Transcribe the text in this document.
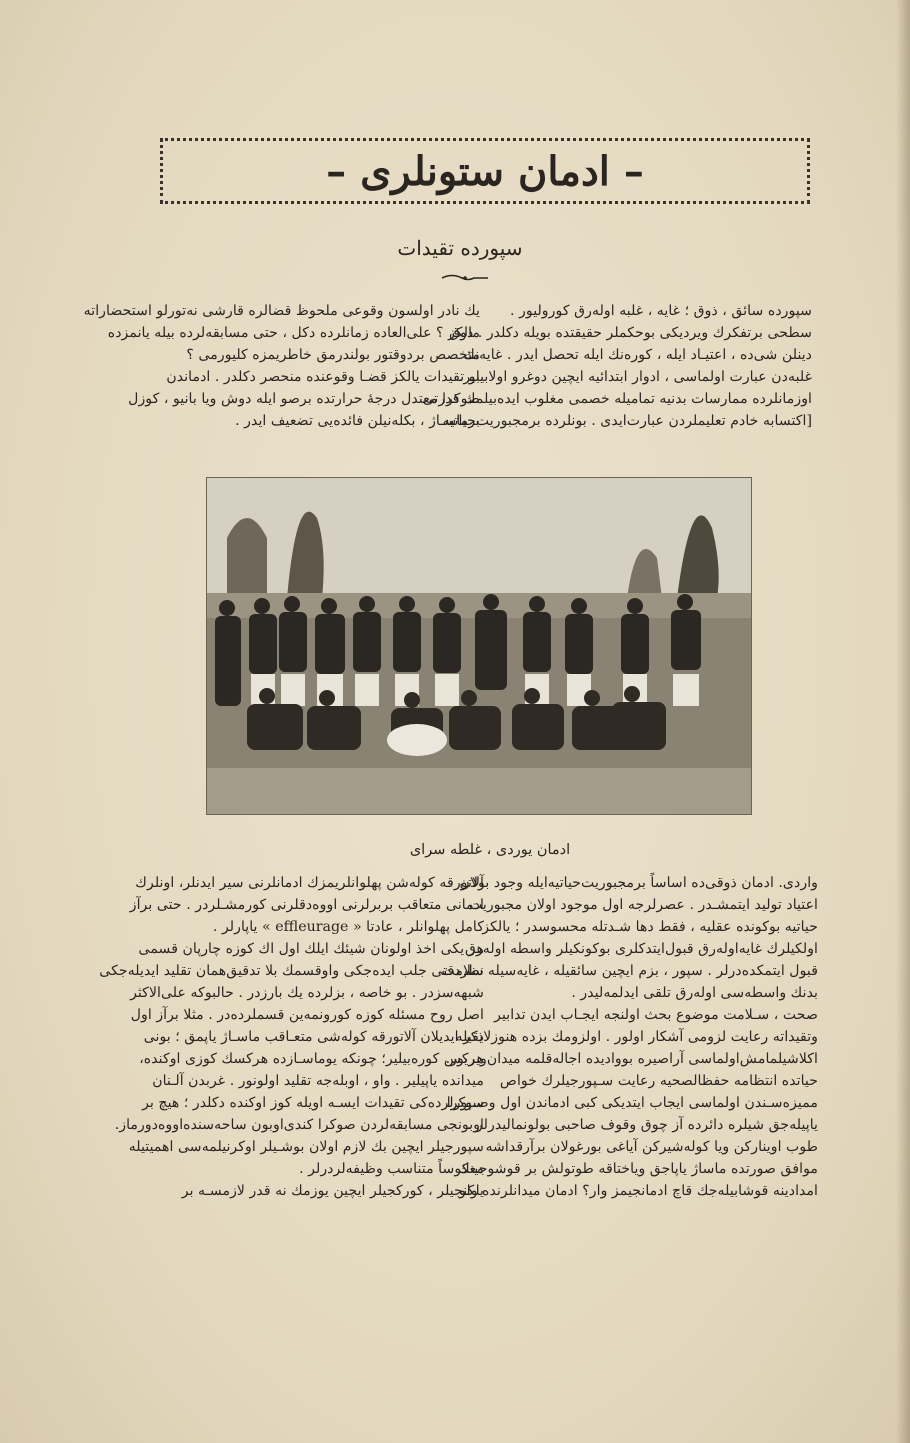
– ادمان ستونلری –
سپورده تقیدات
سپورده سائق ، ذوق ؛ غایه ، غلبه اوله‌رق کورولیور .
سطحی برتفکرك ویردیکی بوحکملر حقیقتده بویله دکلدر . ذوق
دینلن شی‌ده ، اعتیـاد ایله ، کوره‌نك ایله تحصل ایدر . غایه‌نك
غلبه‌دن عبارت اولماسی ، ادوار ابتدائیه ایچین دوغرو اولابیلیر.
اوزمانلرده ممارسات بدنیه تمامیله خصمی مغلوب ایده‌بیلمك قدرتی
[اکتسابه خادم تعلیملردن عبارت‌ایدی . بونلرده برمجبوریت‌حیاتیه
یك نادر اولسون وقوعی ملحوظ قضالره قارشی نه‌تورلو استحضاراته
مالکز ؟ علی‌العاده زمانلرده دکل ، حتی مسابقه‌لرده بیله یانمزده
متخصص بردوقتور بولندرمق خاطریمزه کلیورمی ؟
بو تقیدات یالکز قضـا وقوعنده منحصر دکلدر . ادماندن
صوکرا معتدل درجهٔ حرارتده برصو ایله دوش ویا بانیو ، کوزل
برماسـاژ ، بکله‌نیلن فائده‌یی تضعیف ایدر .
ادمان یوردی ، غلطه سرای
واردی. ادمان ذوقی‌ده اساساً برمجبوریت‌حیاتیه‌ایله وجود بولان
اعتیاد تولید ایتمشـدر . عصرلرجه اول موجود اولان مجبوریت
حیاتیه بوکونده عقلیه ، فقط دها شـدتله محسوسدر ؛ یالکز
اولکیلرك غایه‌اوله‌رق قبول‌ایتدکلری بوکونکیلر واسطه اوله‌رق
قبول ایتمکده‌درلر . سپور ، بزم ایچین سائقیله ، غایه‌سیله سلامت
بدنك واسطه‌سی اوله‌رق تلقی ایدلمه‌لیدر .
صحت ، سـلامت موضوع بحث اولنجه ایجـاب ایدن تدابیر
وتقیداته رعایت لزومی آشکار اولور . اولزومك بزده هنوزلایقیله
اکلاشیلمامش‌اولماسی آراصیره بووادیده اجاله‌قلمه میدان‌ویریور.
حیاتده انتظامه حفظالصحیه رعایت سـپورجیلرك خواص
ممیزه‌سـندن اولماسی ایجاب ایتدیکی کبی ادماندن اول وصـوکرا
یاپیله‌جق شیلره دائرده آز چوق وقوف صاحبی بولونمالیدرلر .
طوب اوینارکن ویا کوله‌شیرکن آیاغی بورغولان برآرقداشه
موافق صورتده ماساژ یاپاجق ویاختاقه طوتولش بر قوشوجینك
امدادینه قوشابیله‌جك قاچ ادمانجیمز وار؟ ادمان میدانلرنده ولو
آلاتورقه کوله‌شن پهلوانلریمزك ادمانلرنی سیر ایدنلر، اونلرك
ادمانی متعاقب بربرلرنی اووه‌دقلرنی کورمشـلردر . حتی برآز
کامل پهلوانلر ، عادتا « effleurage » یاپارلر .
هر یکی اخذ اولونان شیئك ایلك اول اك کوزه چارپان قسمی
نظردقتی جلب ایده‌جکی واوقسمك بلا تدقیق‌همان تقلید ایدیله‌جکی
شبهه‌سزدر . بو خاصه ، بزلرده یك بارزدر . حالبوکه علی‌الاکثر
اصل روح مسئله کوزه کورونمه‌ین قسملرده‌در . مثلا برآز اول
ذکر ایدیلان آلاتورقه کوله‌شی متعـاقب ماسـاژ یاپمق ؛ بونی
هرکس کوره‌بیلیر؛ چونکه یوماسـا‌زده هرکسك کوزی اوکنده،
میدانده یاپیلیر . واو ، اوبله‌جه تقلید اولونور . غربدن آلـنان
سپورلرده‌کی تقیدات ایسـه اویله کوز اوکنده دکلدر ؛ هیچ بر
اوبونجی مسابقه‌لردن صوکرا کندی‌اوبون ساحه‌سنده‌اووه‌دورماز.
سپورجیلر ایچین بك لازم اولان بوشـیلر اوکرنیلمه‌سی اهمیتیله
معکوساً متناسب وظیفه‌لردرلر .
یلکنجیلر ، کورکجیلر ایچین یوزمك نه قدر لازمسـه بر
